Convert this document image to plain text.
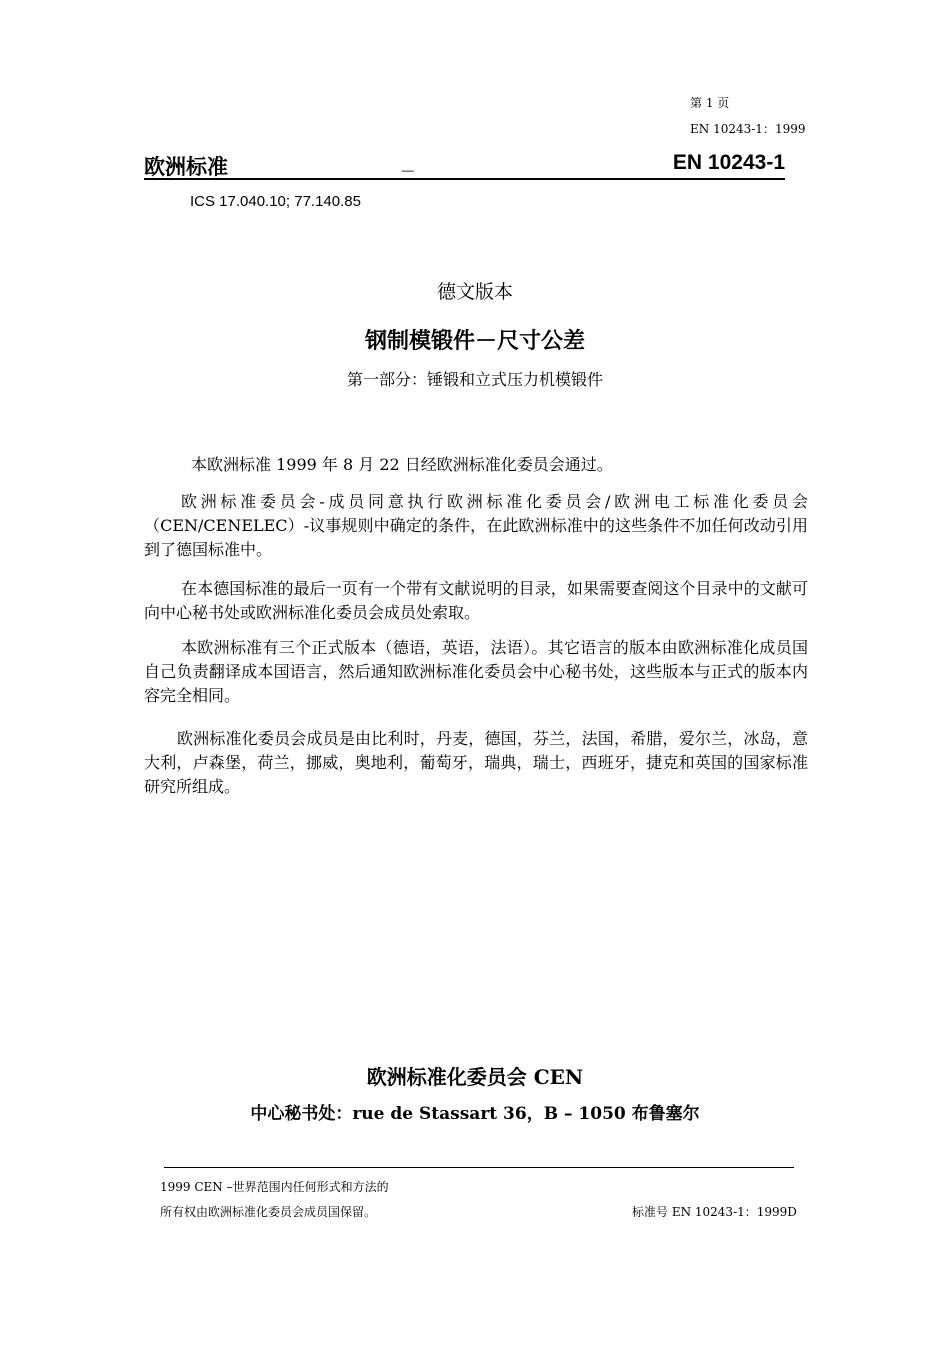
第 1 页
EN 10243-1：1999
欧洲标准	_	EN 10243-1
ICS 17.040.10; 77.140.85
德文版本
钢制模锻件－尺寸公差
第一部分：锤锻和立式压力机模锻件

本欧洲标准 1999 年 8 月 22 日经欧洲标准化委员会通过。

欧洲标准委员会-成员同意执行欧洲标准化委员会/欧洲电工标准化委员会（CEN/CENELEC）-议事规则中确定的条件，在此欧洲标准中的这些条件不加任何改动引用到了德国标准中。

在本德国标准的最后一页有一个带有文献说明的目录，如果需要查阅这个目录中的文献可向中心秘书处或欧洲标准化委员会成员处索取。

本欧洲标准有三个正式版本（德语，英语，法语）。其它语言的版本由欧洲标准化成员国自己负责翻译成本国语言，然后通知欧洲标准化委员会中心秘书处，这些版本与正式的版本内容完全相同。

欧洲标准化委员会成员是由比利时，丹麦，德国，芬兰，法国，希腊，爱尔兰，冰岛，意大利，卢森堡，荷兰，挪威，奥地利，葡萄牙，瑞典，瑞士，西班牙，捷克和英国的国家标准研究所组成。

欧洲标准化委员会 CEN
中心秘书处：rue de Stassart 36，B – 1050 布鲁塞尔
1999 CEN –世界范围内任何形式和方法的
所有权由欧洲标准化委员会成员国保留。	标准号 EN 10243-1：1999D
